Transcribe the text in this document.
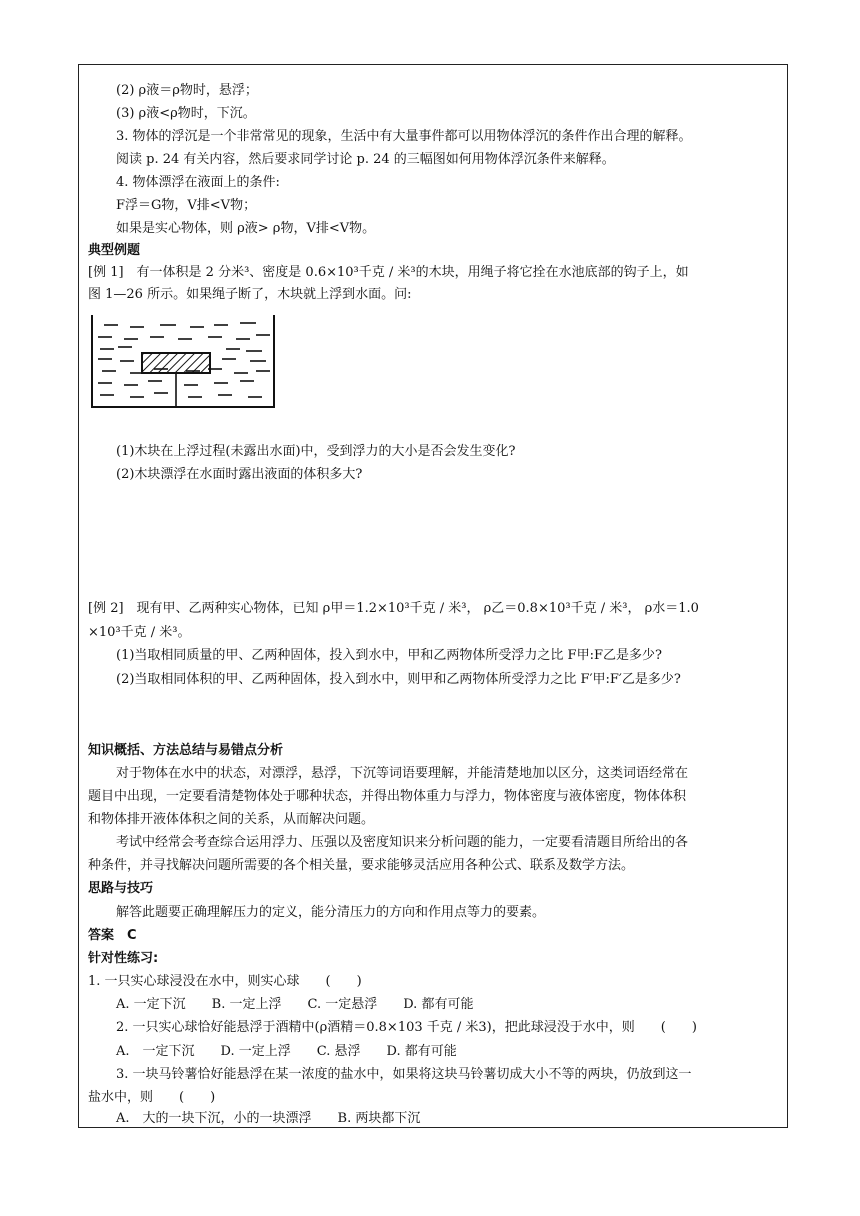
(2) ρ液＝ρ物时，悬浮；
(3) ρ液<ρ物时，下沉。
3. 物体的浮沉是一个非常常见的现象，生活中有大量事件都可以用物体浮沉的条件作出合理的解释。
阅读 p. 24 有关内容，然后要求同学讨论 p. 24 的三幅图如何用物体浮沉条件来解释。
4. 物体漂浮在液面上的条件:
F浮＝G物，V排<V物；
如果是实心物体，则 ρ液> ρ物，V排<V物。
典型例题
[例 1]　有一体积是 2 分米³、密度是 0.6×10³千克 / 米³的木块，用绳子将它拴在水池底部的钩子上，如
图 1—26 所示。如果绳子断了，木块就上浮到水面。问:
(1)木块在上浮过程(未露出水面)中，受到浮力的大小是否会发生变化?
(2)木块漂浮在水面时露出液面的体积多大?
[例 2]　现有甲、乙两种实心物体，已知 ρ甲＝1.2×10³千克 / 米³， ρ乙＝0.8×10³千克 / 米³， ρ水＝1.0
×10³千克 / 米³。
(1)当取相同质量的甲、乙两种固体，投入到水中，甲和乙两物体所受浮力之比 F甲:F乙是多少?
(2)当取相同体积的甲、乙两种固体，投入到水中，则甲和乙两物体所受浮力之比 F′甲:F′乙是多少?
知识概括、方法总结与易错点分析
对于物体在水中的状态，对漂浮，悬浮，下沉等词语要理解，并能清楚地加以区分，这类词语经常在
题目中出现，一定要看清楚物体处于哪种状态，并得出物体重力与浮力，物体密度与液体密度，物体体积
和物体排开液体体积之间的关系，从而解决问题。
考试中经常会考查综合运用浮力、压强以及密度知识来分析问题的能力，一定要看清题目所给出的各
种条件，并寻找解决问题所需要的各个相关量，要求能够灵活应用各种公式、联系及数学方法。
思路与技巧
解答此题要正确理解压力的定义，能分清压力的方向和作用点等力的要素。
答案　C
针对性练习:
1. 一只实心球浸没在水中，则实心球　　(　　)
A. 一定下沉　　B. 一定上浮　　C. 一定悬浮　　D. 都有可能
2. 一只实心球恰好能悬浮于酒精中(ρ酒精＝0.8×103 千克 / 米3)，把此球浸没于水中，则　　(　　)
A.　一定下沉　　D. 一定上浮　　C. 悬浮　　D. 都有可能
3. 一块马铃薯恰好能悬浮在某一浓度的盐水中，如果将这块马铃薯切成大小不等的两块，仍放到这一
盐水中，则　　(　　)
A.　大的一块下沉，小的一块漂浮　　B. 两块都下沉
